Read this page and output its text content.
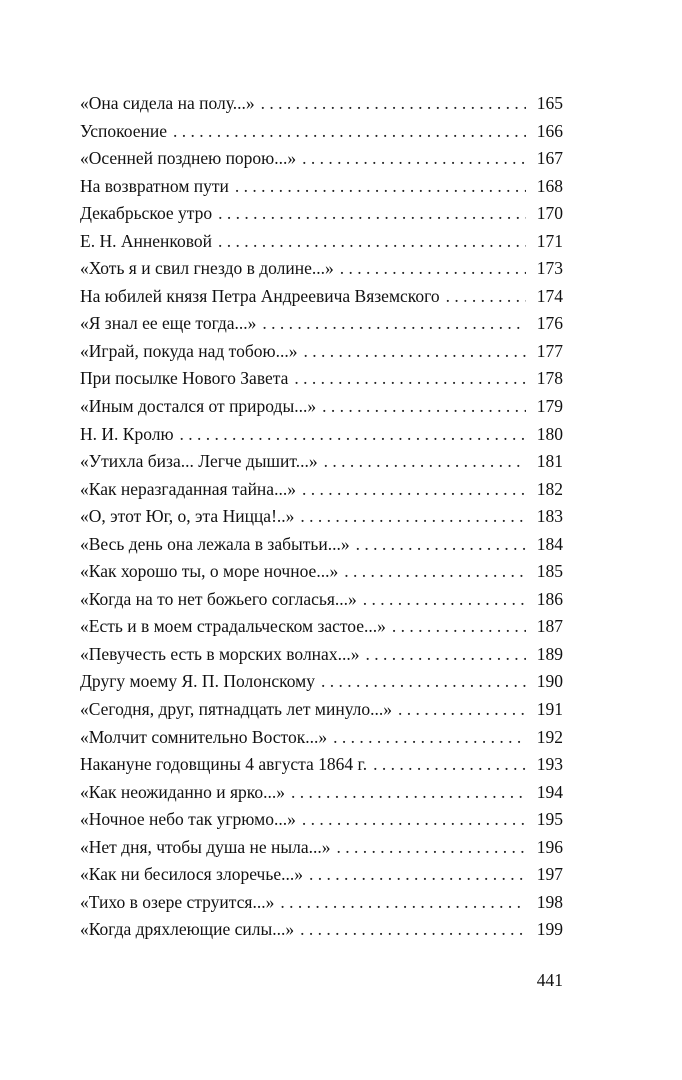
«Она сидела на полу...» . . .	165
Успокоение . . .	166
«Осенней позднею порою...» . . .	167
На возвратном пути . . .	168
Декабрьское утро . . .	170
Е. Н. Анненковой . . .	171
«Хоть я и свил гнездо в долине...» . . .	173
На юбилей князя Петра Андреевича Вяземского . . .	174
«Я знал ее еще тогда...» . . .	176
«Играй, покуда над тобою...» . . .	177
При посылке Нового Завета . . .	178
«Иным достался от природы...» . . .	179
Н. И. Кролю . . .	180
«Утихла биза... Легче дышит...» . . .	181
«Как неразгаданная тайна...» . . .	182
«О, этот Юг, о, эта Ницца!..» . . .	183
«Весь день она лежала в забытьи...» . . .	184
«Как хорошо ты, о море ночное...» . . .	185
«Когда на то нет божьего согласья...» . . .	186
«Есть и в моем страдальческом застое...» . . .	187
«Певучесть есть в морских волнах...» . . .	189
Другу моему Я. П. Полонскому . . .	190
«Сегодня, друг, пятнадцать лет минуло...» . . .	191
«Молчит сомнительно Восток...» . . .	192
Накануне годовщины 4 августа 1864 г. . . .	193
«Как неожиданно и ярко...» . . .	194
«Ночное небо так угрюмо...» . . .	195
«Нет дня, чтобы душа не ныла...» . . .	196
«Как ни бесилося злоречье...» . . .	197
«Тихо в озере струится...» . . .	198
«Когда дряхлеющие силы...» . . .	199
441
